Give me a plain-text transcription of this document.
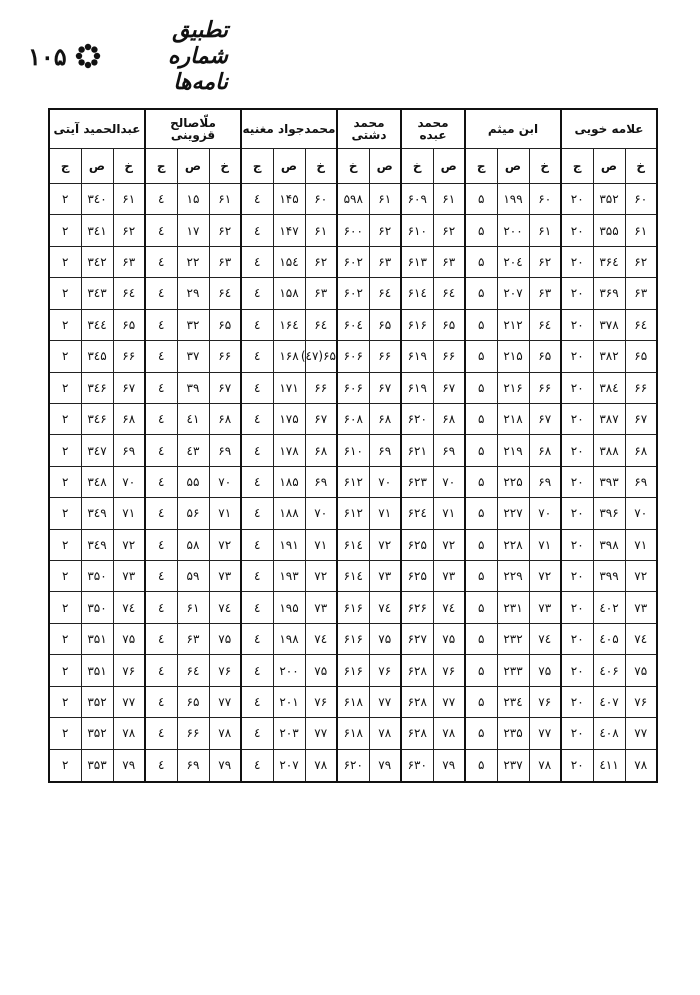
۱۰۵
تطبیق شماره نامه‌ها
علامه خویی			ابن میثم			محمد عبده		محمد دشتی		محمدجواد مغنیه			ملّاصالح قزوینی			عبدالحمید آیتی		
خ	ص	ج	خ	ص	ج	ص	خ	ص	خ	خ	ص	ج	خ	ص	ج	خ	ص	ج
۶۰	۳۵۲	۲۰	۶۰	۱۹۹	۵	۶۱	۶۰۹	۶۱	۵۹۸	۶۰	۱۴۵	٤	۶۱	۱۵	٤	۶۱	۳٤۰	۲
۶۱	۳۵۵	۲۰	۶۱	۲۰۰	۵	۶۲	۶۱۰	۶۲	۶۰۰	۶۱	۱۴۷	٤	۶۲	۱۷	٤	۶۲	۳٤۱	۲
۶۲	۳۶٤	۲۰	۶۲	۲۰٤	۵	۶۳	۶۱۳	۶۳	۶۰۲	۶۲	۱۵٤	٤	۶۳	۲۲	٤	۶۳	۳٤۲	۲
۶۳	۳۶۹	۲۰	۶۳	۲۰۷	۵	۶٤	۶۱٤	۶٤	۶۰۲	۶۳	۱۵۸	٤	۶٤	۲۹	٤	۶٤	۳٤۳	۲
۶٤	۳۷۸	۲۰	۶٤	۲۱۲	۵	۶۵	۶۱۶	۶۵	۶۰٤	۶٤	۱۶٤	٤	۶۵	۳۲	٤	۶۵	۳٤٤	۲
۶۵	۳۸۲	۲۰	۶۵	۲۱۵	۵	۶۶	۶۱۹	۶۶	۶۰۶	۶۵(٤۷)	۱۶۸	٤	۶۶	۳۷	٤	۶۶	۳٤۵	۲
۶۶	۳۸٤	۲۰	۶۶	۲۱۶	۵	۶۷	۶۱۹	۶۷	۶۰۶	۶۶	۱۷۱	٤	۶۷	۳۹	٤	۶۷	۳٤۶	۲
۶۷	۳۸۷	۲۰	۶۷	۲۱۸	۵	۶۸	۶۲۰	۶۸	۶۰۸	۶۷	۱۷۵	٤	۶۸	٤۱	٤	۶۸	۳٤۶	۲
۶۸	۳۸۸	۲۰	۶۸	۲۱۹	۵	۶۹	۶۲۱	۶۹	۶۱۰	۶۸	۱۷۸	٤	۶۹	٤۳	٤	۶۹	۳٤۷	۲
۶۹	۳۹۳	۲۰	۶۹	۲۲۵	۵	۷۰	۶۲۳	۷۰	۶۱۲	۶۹	۱۸۵	٤	۷۰	۵۵	٤	۷۰	۳٤۸	۲
۷۰	۳۹۶	۲۰	۷۰	۲۲۷	۵	۷۱	۶۲٤	۷۱	۶۱۲	۷۰	۱۸۸	٤	۷۱	۵۶	٤	۷۱	۳٤۹	۲
۷۱	۳۹۸	۲۰	۷۱	۲۲۸	۵	۷۲	۶۲۵	۷۲	۶۱٤	۷۱	۱۹۱	٤	۷۲	۵۸	٤	۷۲	۳٤۹	۲
۷۲	۳۹۹	۲۰	۷۲	۲۲۹	۵	۷۳	۶۲۵	۷۳	۶۱٤	۷۲	۱۹۳	٤	۷۳	۵۹	٤	۷۳	۳۵۰	۲
۷۳	٤۰۲	۲۰	۷۳	۲۳۱	۵	۷٤	۶۲۶	۷٤	۶۱۶	۷۳	۱۹۵	٤	۷٤	۶۱	٤	۷٤	۳۵۰	۲
۷٤	٤۰۵	۲۰	۷٤	۲۳۲	۵	۷۵	۶۲۷	۷۵	۶۱۶	۷٤	۱۹۸	٤	۷۵	۶۳	٤	۷۵	۳۵۱	۲
۷۵	٤۰۶	۲۰	۷۵	۲۳۳	۵	۷۶	۶۲۸	۷۶	۶۱۶	۷۵	۲۰۰	٤	۷۶	۶٤	٤	۷۶	۳۵۱	۲
۷۶	٤۰۷	۲۰	۷۶	۲۳٤	۵	۷۷	۶۲۸	۷۷	۶۱۸	۷۶	۲۰۱	٤	۷۷	۶۵	٤	۷۷	۳۵۲	۲
۷۷	٤۰۸	۲۰	۷۷	۲۳۵	۵	۷۸	۶۲۸	۷۸	۶۱۸	۷۷	۲۰۳	٤	۷۸	۶۶	٤	۷۸	۳۵۲	۲
۷۸	٤۱۱	۲۰	۷۸	۲۳۷	۵	۷۹	۶۳۰	۷۹	۶۲۰	۷۸	۲۰۷	٤	۷۹	۶۹	٤	۷۹	۳۵۳	۲
